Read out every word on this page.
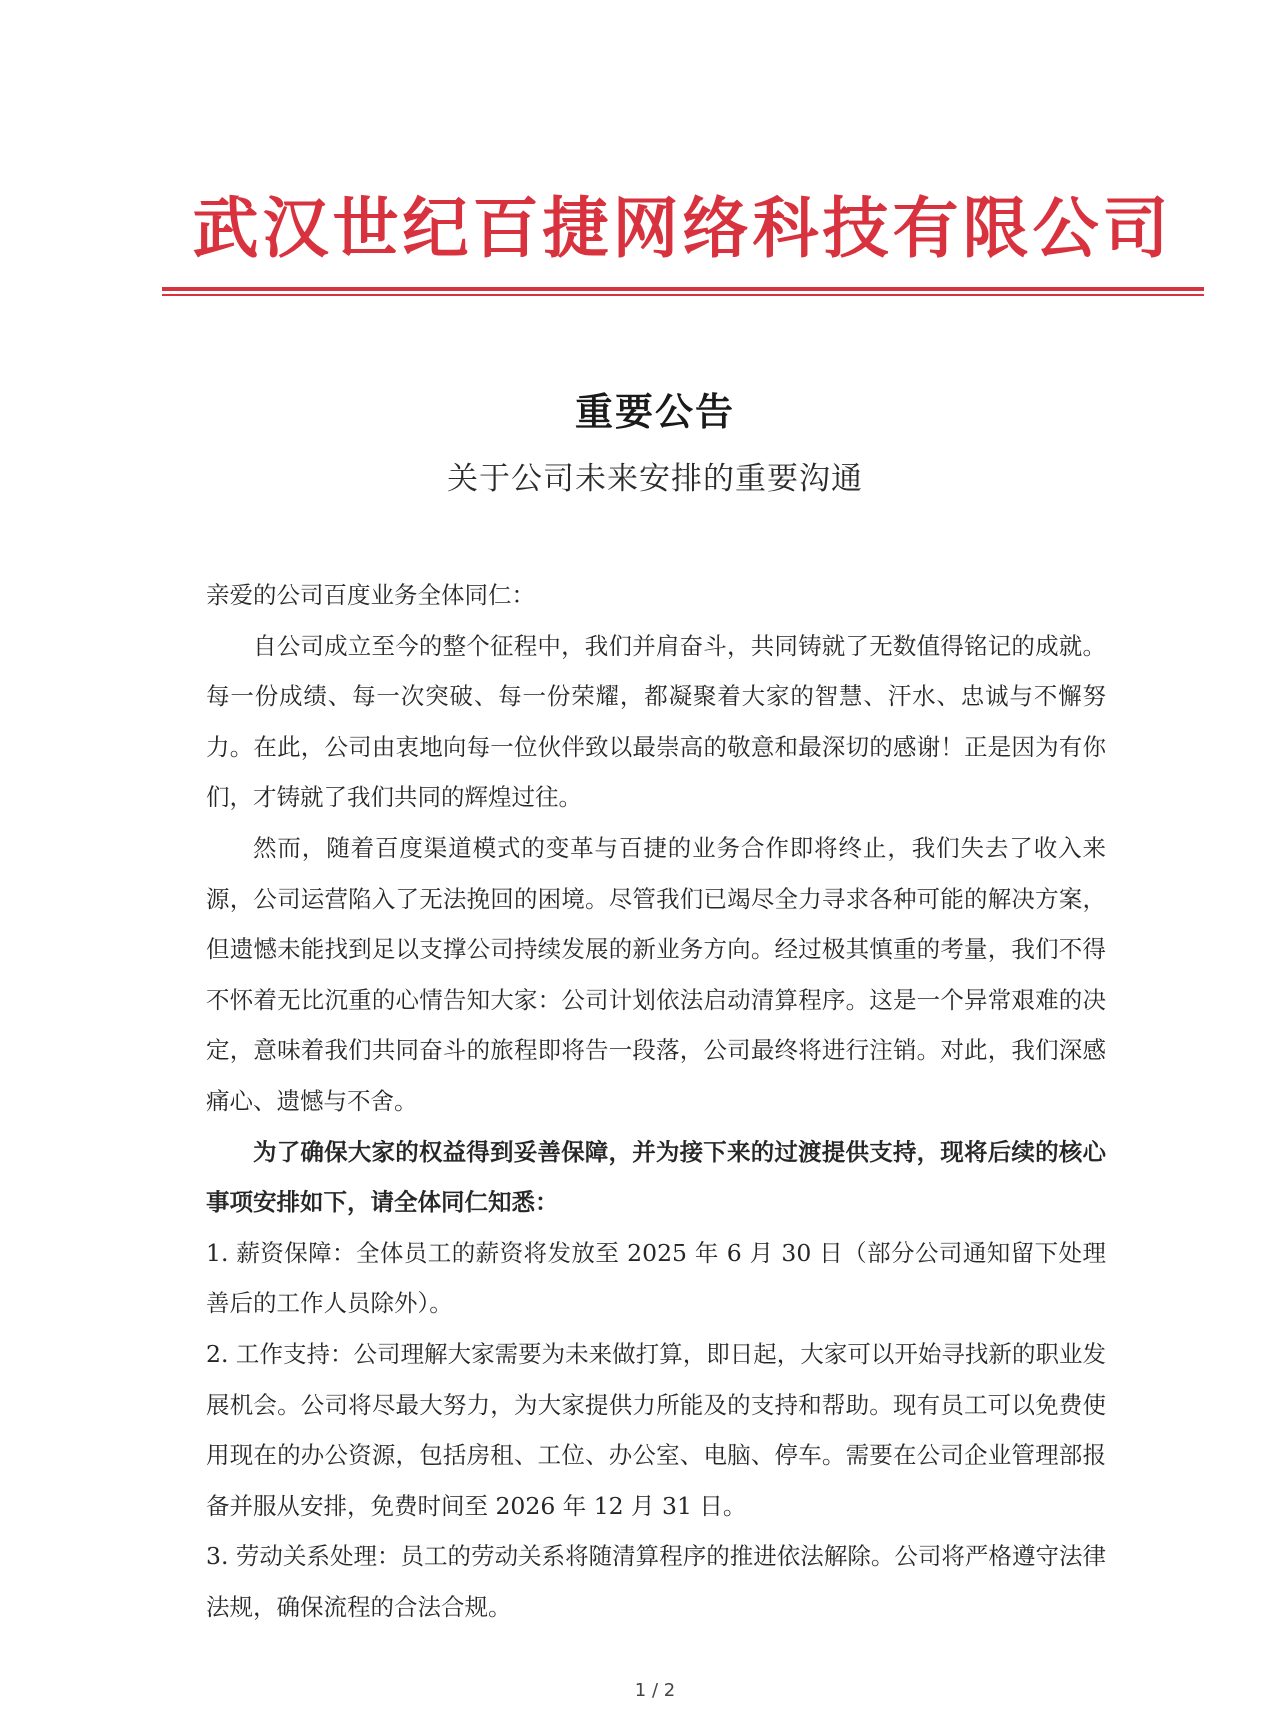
武汉世纪百捷网络科技有限公司
重要公告
关于公司未来安排的重要沟通

亲爱的公司百度业务全体同仁：

自公司成立至今的整个征程中，我们并肩奋斗，共同铸就了无数值得铭记的成就。每一份成绩、每一次突破、每一份荣耀，都凝聚着大家的智慧、汗水、忠诚与不懈努力。在此，公司由衷地向每一位伙伴致以最崇高的敬意和最深切的感谢！正是因为有你们，才铸就了我们共同的辉煌过往。

然而，随着百度渠道模式的变革与百捷的业务合作即将终止，我们失去了收入来源，公司运营陷入了无法挽回的困境。尽管我们已竭尽全力寻求各种可能的解决方案，但遗憾未能找到足以支撑公司持续发展的新业务方向。经过极其慎重的考量，我们不得不怀着无比沉重的心情告知大家：公司计划依法启动清算程序。这是一个异常艰难的决定，意味着我们共同奋斗的旅程即将告一段落，公司最终将进行注销。对此，我们深感痛心、遗憾与不舍。

为了确保大家的权益得到妥善保障，并为接下来的过渡提供支持，现将后续的核心事项安排如下，请全体同仁知悉：

1. 薪资保障：全体员工的薪资将发放至 2025 年 6 月 30 日（部分公司通知留下处理善后的工作人员除外）。

2. 工作支持：公司理解大家需要为未来做打算，即日起，大家可以开始寻找新的职业发展机会。公司将尽最大努力，为大家提供力所能及的支持和帮助。现有员工可以免费使用现在的办公资源，包括房租、工位、办公室、电脑、停车。需要在公司企业管理部报备并服从安排，免费时间至 2026 年 12 月 31 日。

3. 劳动关系处理：员工的劳动关系将随清算程序的推进依法解除。公司将严格遵守法律法规，确保流程的合法合规。

1 / 2
